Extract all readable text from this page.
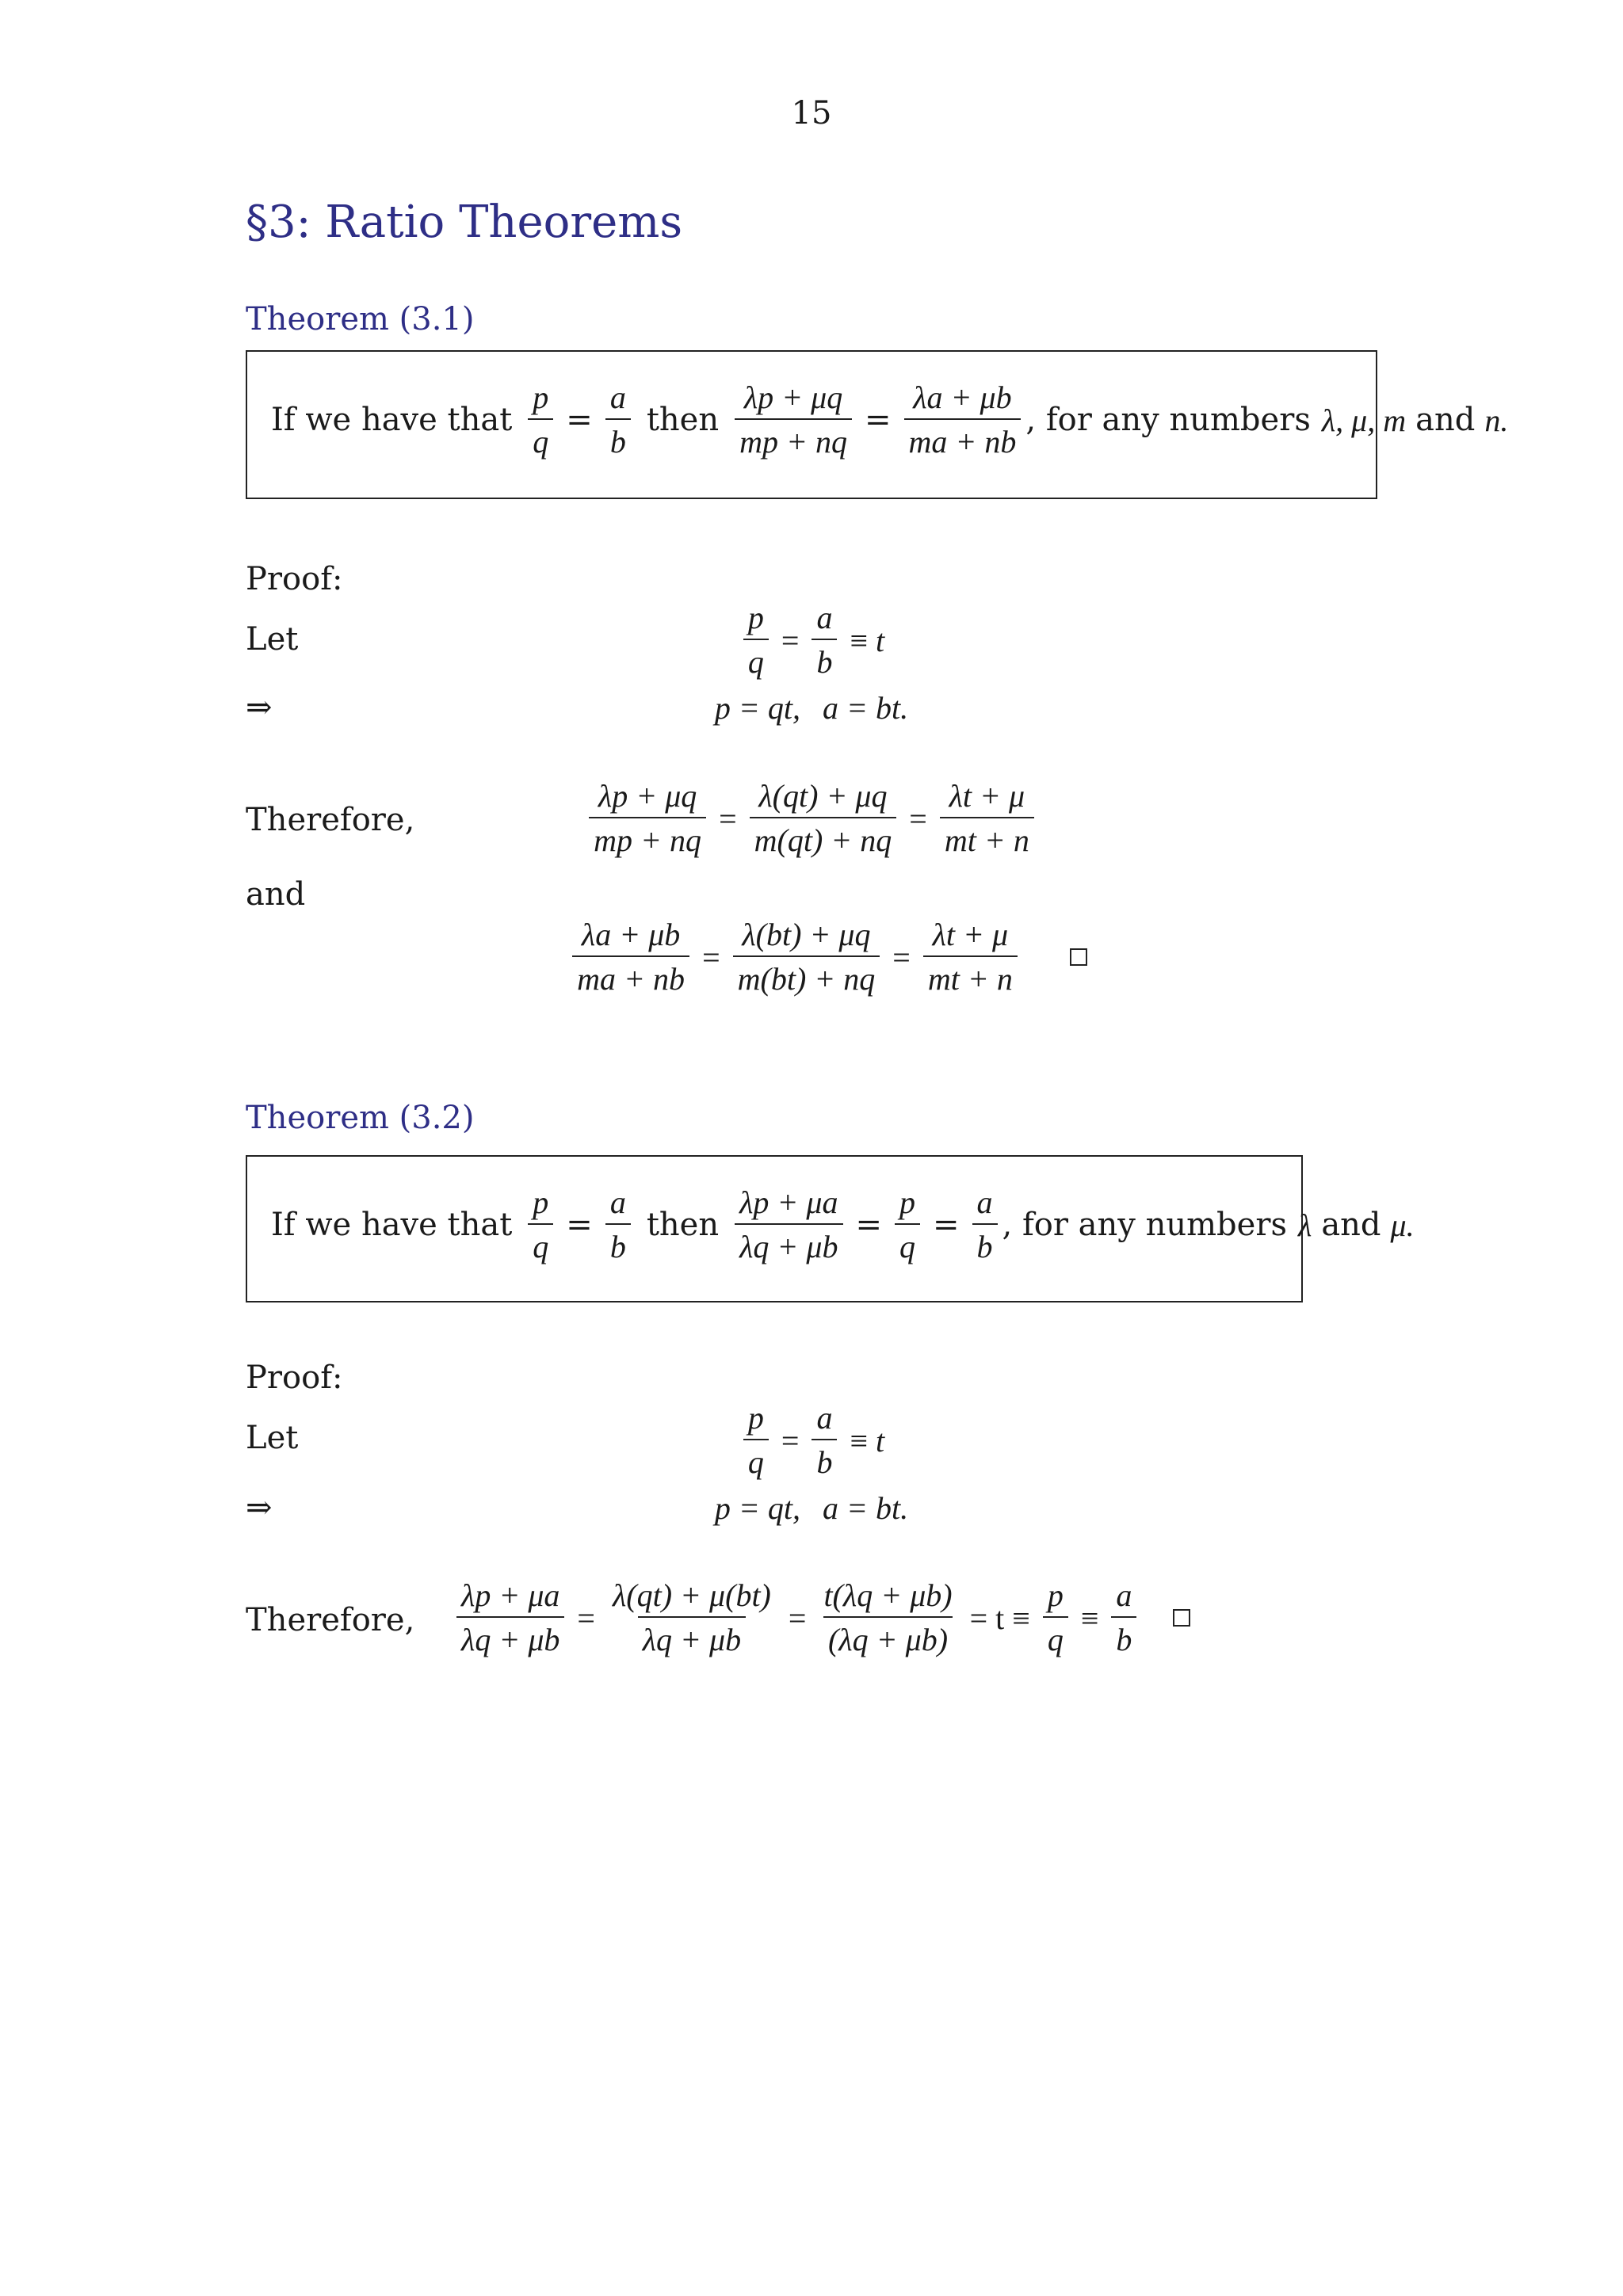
15
§3: Ratio Theorems
Theorem (3.1)
If we have that $\frac{p}{q} = \frac{a}{b}$ then $\frac{\lambda p + \mu q}{mp + nq} = \frac{\lambda a + \mu b}{ma + nb}$ , for any numbers λ, μ, m and n.
Proof:
Let	$\frac{p}{q} = \frac{a}{b} \equiv t$
⇒	p = qt, a = bt.
Therefore,	$\frac{\lambda p + \mu q}{mp + nq} = \frac{\lambda(qt) + \mu q}{m(qt) + nq} = \frac{\lambda t + \mu}{mt + n}$
and
$\frac{\lambda a + \mu b}{ma + nb} = \frac{\lambda(bt) + \mu q}{m(bt) + nq} = \frac{\lambda t + \mu}{mt + n}$
Theorem (3.2)
If we have that $\frac{p}{q} = \frac{a}{b}$ then $\frac{\lambda p + \mu a}{\lambda q + \mu b} = \frac{p}{q} = \frac{a}{b}$ , for any numbers λ and μ.
Proof:
Let	$\frac{p}{q} = \frac{a}{b} \equiv t$
⇒	p = qt, a = bt.
Therefore, $\frac{\lambda p + \mu a}{\lambda q + \mu b} = \frac{\lambda(qt) + \mu(bt)}{\lambda q + \mu b} = \frac{t(\lambda q + \mu b)}{(\lambda q + \mu b)} = t \equiv \frac{p}{q} \equiv \frac{a}{b}$
